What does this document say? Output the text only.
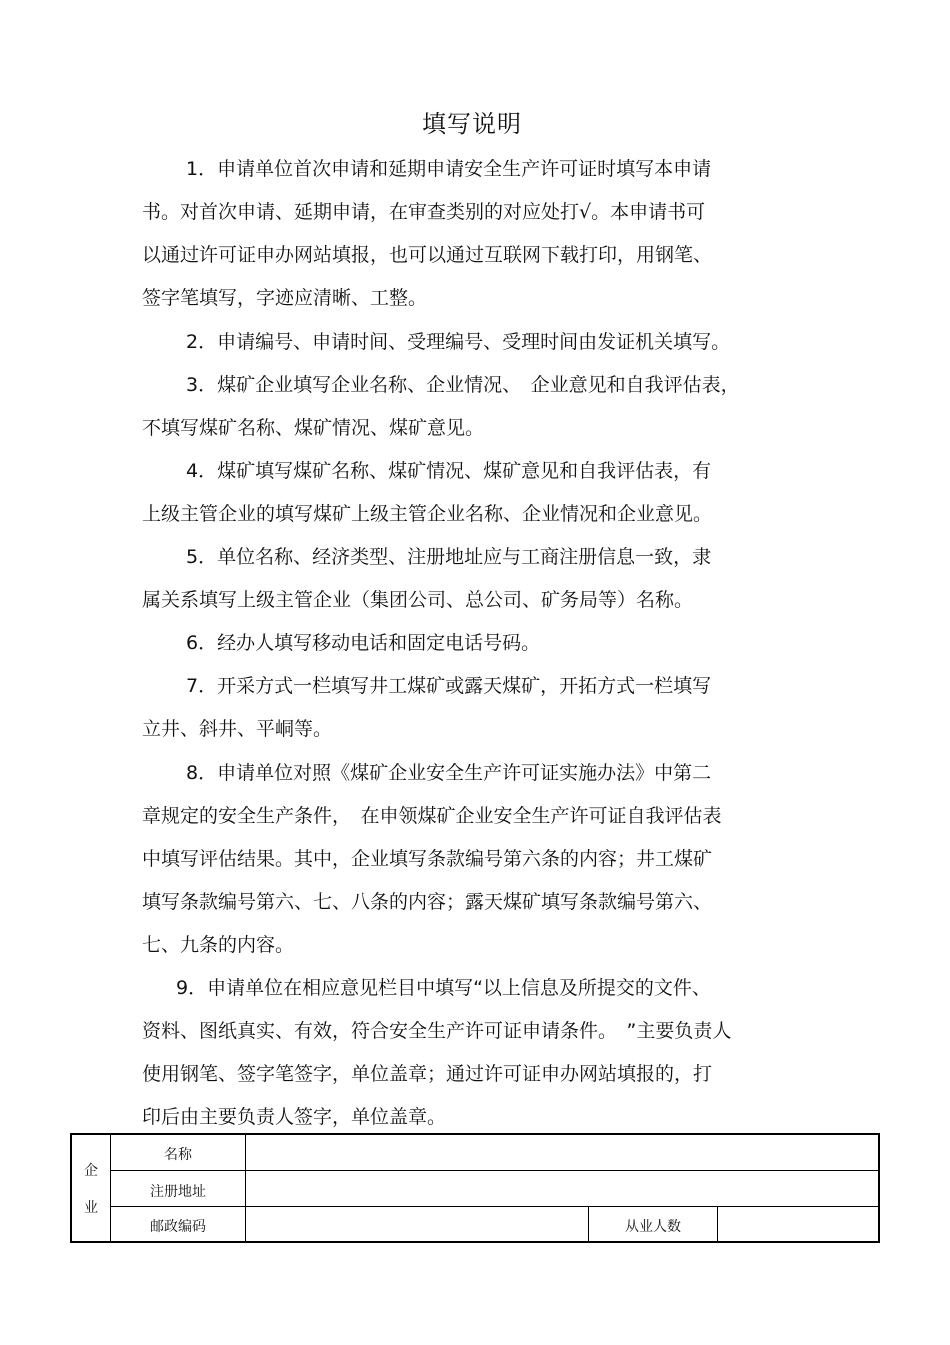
填写说明
1．申请单位首次申请和延期申请安全生产许可证时填写本申请
书。对首次申请、延期申请，在审查类别的对应处打√。本申请书可
以通过许可证申办网站填报，也可以通过互联网下载打印，用钢笔、
签字笔填写，字迹应清晰、工整。
2．申请编号、申请时间、受理编号、受理时间由发证机关填写。
3．煤矿企业填写企业名称、企业情况、　企业意见和自我评估表，
不填写煤矿名称、煤矿情况、煤矿意见。
4．煤矿填写煤矿名称、煤矿情况、煤矿意见和自我评估表，有
上级主管企业的填写煤矿上级主管企业名称、企业情况和企业意见。
5．单位名称、经济类型、注册地址应与工商注册信息一致，隶
属关系填写上级主管企业（集团公司、总公司、矿务局等）名称。
6．经办人填写移动电话和固定电话号码。
7．开采方式一栏填写井工煤矿或露天煤矿，开拓方式一栏填写
立井、斜井、平峒等。
8．申请单位对照《煤矿企业安全生产许可证实施办法》中第二
章规定的安全生产条件，　在申领煤矿企业安全生产许可证自我评估表
中填写评估结果。其中，企业填写条款编号第六条的内容；井工煤矿
填写条款编号第六、七、八条的内容；露天煤矿填写条款编号第六、
七、九条的内容。
9．申请单位在相应意见栏目中填写“以上信息及所提交的文件、
资料、图纸真实、有效，符合安全生产许可证申请条件。　”主要负责人
使用钢笔、签字笔签字，单位盖章；通过许可证申办网站填报的，打
印后由主要负责人签字，单位盖章。
企
业
名称
注册地址
邮政编码	从业人数
